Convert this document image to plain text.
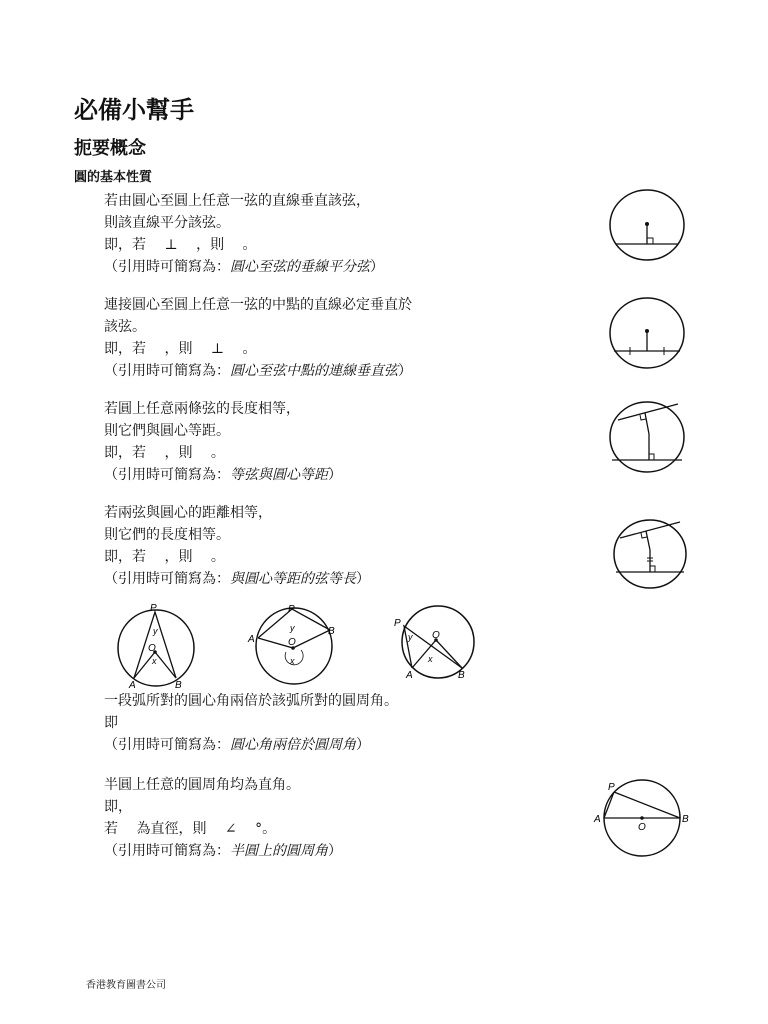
必備小幫手
扼要概念
圓的基本性質
若由圓心至圓上任意一弦的直線垂直該弦，
則該直線平分該弦。
即，若 ⊥ ，則 。
（引用時可簡寫為：圓心至弦的垂線平分弦）
連接圓心至圓上任意一弦的中點的直線必定垂直於
該弦。
即，若 ，則 ⊥ 。
（引用時可簡寫為：圓心至弦中點的連線垂直弦）
若圓上任意兩條弦的長度相等，
則它們與圓心等距。
即，若 ，則 。
（引用時可簡寫為：等弦與圓心等距）
若兩弦與圓心的距離相等，
則它們的長度相等。
即，若 ，則 。
（引用時可簡寫為：與圓心等距的弦等長）
一段弧所對的圓心角兩倍於該弧所對的圓周角。
即
（引用時可簡寫為：圓心角兩倍於圓周角）
半圓上任意的圓周角均為直角。
即，
若 為直徑，則 ∠ °。
（引用時可簡寫為：半圓上的圓周角）
P
y
O
x
A	B
P
y
A
B
O
x
P
y O
x
A	B
P
A	B
O
香港教育圖書公司
